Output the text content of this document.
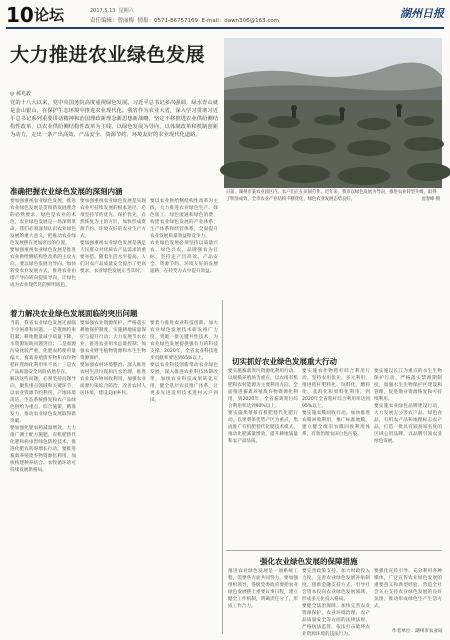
10 论坛	2017.5.13 星期六
责任编辑：曾丽梅 情报：0571-86757169 E-mail：dawn306@163.com
湖州日报
大力推进农业绿色发展
◎ 郝兆毅
党的十八大以来，党中央国务院高度重视绿色发展。习近平总书记多次强调，绿水青山就是金山银山，在保护生态环境中推进农业现代化。我省作为农业大省，深入学习贯彻习近平总书记系列重要讲话精神和治国理政新理念新思想新战略，坚定不移推进农业供给侧结构性改革，以农业供给侧结构性改革为主线，以绿色发展为导向，以体制改革和机制创新为动力，走出一条产出高效、产品安全、资源节约、环境友好的农业现代化道路。
日前，湖州市某农业园区内，农户们正在田间劳作。近年来，我市以绿色发展为导向，推进农业转型升级，取得了明显成效，全市农业产业结构不断优化，绿色农业发展态势良好。	沈春峰 摄
准确把握农业绿色发展的深刻内涵

要加强重视农业绿色发展，推进农业绿色发展是贯彻新发展理念的必然要求。绿色是农业的本色，农业绿色发展是一场深刻革命。我们必须深刻认识农业绿色发展的重大意义，把推动农业绿色发展摆在更加突出的位置。

要加强重视农业绿色发展是推进农业供给侧结构性改革的主攻方向。要以绿色发展为导向，加快转变农业发展方式，推进农业由增产导向转向提质导向，让绿色成为农业现代化的鲜明底色。

要加强重视农业绿色发展是实现农业可持续发展的根本途径。必须坚持节约优先、保护优先、自然恢复为主的方针，加快形成资源节约、环境友好的农业生产方式。

要加强重视农业绿色发展是满足人民群众对优质农产品需求的重要举措。随着生活水平提高，人们对农产品质量安全提出了更高要求，农业绿色发展正当其时。

要以农业供给侧结构性改革为主线，大力推进农业绿色生产、绿色加工、绿色流通和绿色消费，构建农业绿色发展的产业体系、生产体系和经营体系，全面提升农业发展质量效益和竞争力。

农业绿色发展必须坚持以质量兴农、绿色兴农、品牌强农为目标，坚持走产出高效、产品安全、资源节约、环境友好的发展道路，在转变方式中提升效益。

着力解决农业绿色发展面临的突出问题

当前，我省农业绿色发展还面临不少困难和问题。一是资源约束趋紧，耕地数量减少质量下降，水资源短缺问题突出；二是面源污染比较严重，化肥农药使用量偏大，畜禽养殖废弃物和农作物秸秆资源化利用率不高；三是农产品质量安全风险依然存在。

解决这些问题，必须坚持问题导向，聚焦重点领域和关键环节，以农业资源节约利用、产地环境清洁、生态系统修复和农产品绿色供给为重点，综合施策，精准发力，推动农业绿色发展取得新突破。

要加强化肥农药减量增效。大力推广测土配方施肥、有机肥替代化肥和病虫害绿色防控技术，推进化肥农药零增长行动。要推进畜禽养殖废弃物资源化利用，加快构建种养结合、农牧循环的可持续发展新格局。

要加强农业资源保护。严格落实耕地保护制度，实施耕地质量保护与提升行动；大力发展节水农业，推进农业用水总量控制；加强农业野生植物资源和水生生物资源保护。

要加强农村环境整治。深入推进农村生活垃圾和污水治理，推进农业废弃物回收利用，加强农业面源污染综合防治，改善农村人居环境，建设美丽乡村。

要着力推进农业科技创新。加大农业绿色发展技术研发推广力度，突破一批关键共性技术，为农业绿色发展提供强有力的科技支撑。2020年，全省农业科技进步贡献率要达到65%以上。

要以农业科技创新带动农业绿色发展，深入推进农业科技体制改革，加快农业科技成果转化应用，健全基层农技推广体系，让更多先进适用技术进村入户到田。

切实抓好农业绿色发展重大行动

要实施畜禽粪污资源化利用行动。以规模养殖场为重点，以农用有机肥和农村能源为主要利用方向，全面推进畜禽养殖废弃物资源化利用，到2020年，全省畜禽粪污综合利用率达到90%以上。

要实施果菜茶有机肥替代化肥行动。以果菜茶优势产区为重点，集成推广有机肥替代化肥技术模式，推动化肥减量增效，提升耕地质量和农产品品质。

要实施农作物秸秆综合利用行动。坚持农用优先、多元利用，推进秸秆肥料化、饲料化、燃料化、基料化和原料化利用，到2020年全省秸秆综合利用率达到95%以上。

要实施农膜回收行动。加快推进农膜回收利用，推广标准地膜，建立健全废旧农膜回收利用体系，有效治理农田白色污染。

要实施以长江为重点的水生生物保护行动。严格落实禁渔期制度，加强水生生物保护区建设和管理，促进渔业资源恢复和可持续利用。

要实施农业绿色品牌建设行动，大力发展无公害农产品、绿色食品、有机农产品和地理标志农产品，打造一批具有较高知名度的区域公用品牌，以品牌引领农业绿色发展。

强化农业绿色发展的保障措施

推进农业绿色发展是一项系统工程，需要各方面共同努力。要加强组织领导，各级党委政府要把农业绿色发展摆上重要议事日程，建立健全工作机制，明确责任分工，形成工作合力。

要完善政策支持。加大财政投入力度，完善农业绿色发展补贴制度，创新金融支持方式，引导社会资本投向农业绿色发展领域，形成多元化投入格局。

要健全法治保障。加快完善农业资源保护、农业环境治理、农产品质量安全等方面的法律法规，严格执法监管，依法打击破坏农业资源环境的违法行为。

要强化宣传引导。充分利用各种媒体，广泛宣传农业绿色发展的重要意义和典型经验，营造全社会关心支持农业绿色发展的良好氛围，推动形成绿色生产生活方式。

作者单位：湖州市农业局
